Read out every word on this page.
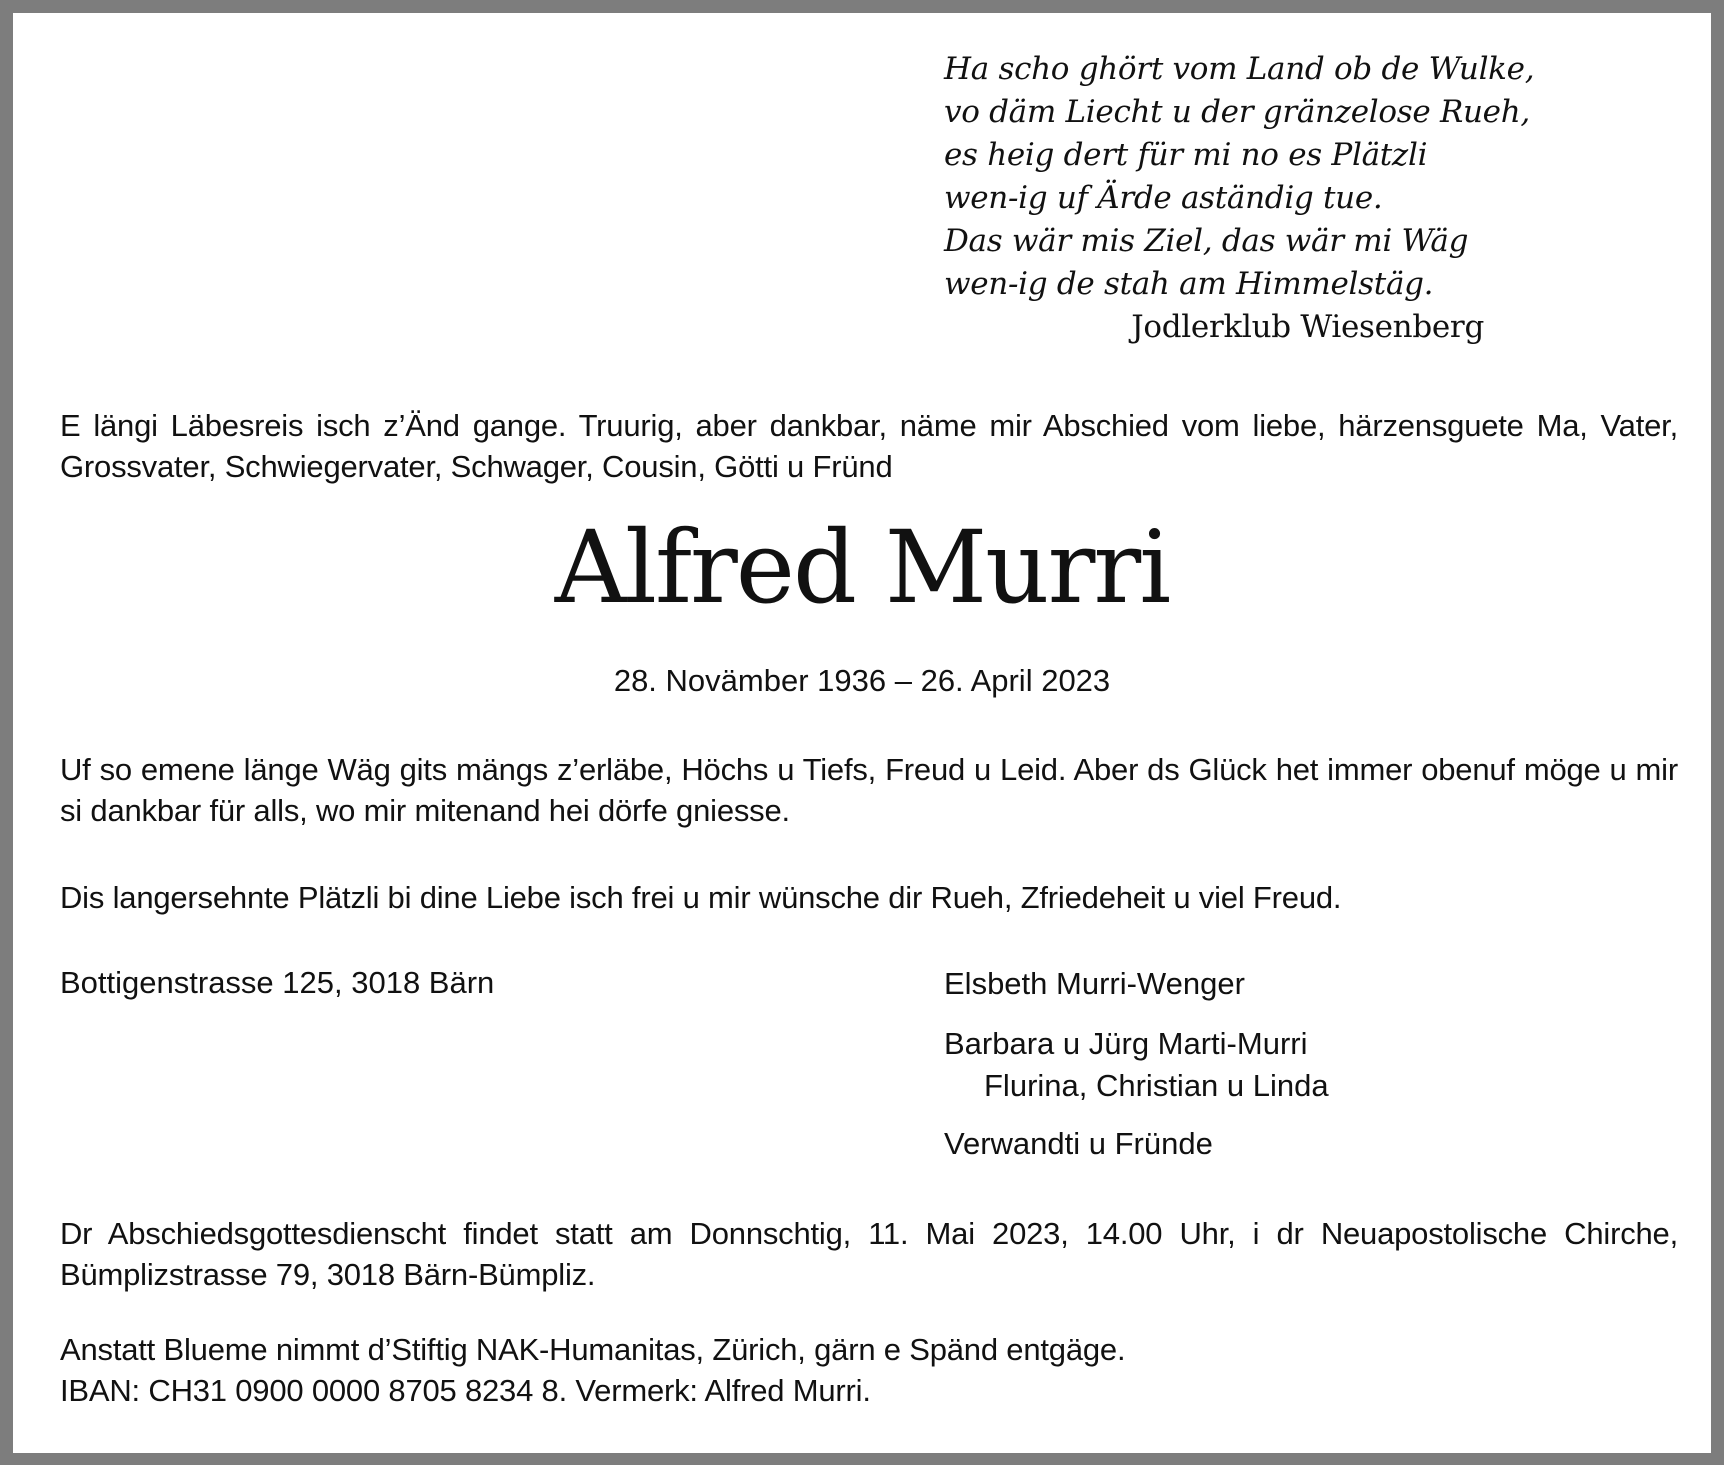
Ha scho ghört vom Land ob de Wulke,
vo däm Liecht u der gränzelose Rueh,
es heig dert für mi no es Plätzli
wen-ig uf Ärde aständig tue.
Das wär mis Ziel, das wär mi Wäg
wen-ig de stah am Himmelstäg.
Jodlerklub Wiesenberg
E längi Läbesreis isch z’Änd gange. Truurig, aber dankbar, näme mir Abschied vom liebe, härzensguete Ma, Vater, Grossvater, Schwiegervater, Schwager, Cousin, Götti u Fründ
Alfred Murri
28. Novämber 1936 – 26. April 2023
Uf so emene länge Wäg gits mängs z’erläbe, Höchs u Tiefs, Freud u Leid. Aber ds Glück het immer obenuf möge u mir si dankbar für alls, wo mir mitenand hei dörfe gniesse.
Dis langersehnte Plätzli bi dine Liebe isch frei u mir wünsche dir Rueh, Zfriedeheit u viel Freud.
Bottigenstrasse 125, 3018 Bärn	Elsbeth Murri-Wenger
Barbara u Jürg Marti-Murri
Flurina, Christian u Linda
Verwandti u Fründe
Dr Abschiedsgottesdienscht findet statt am Donnschtig, 11. Mai 2023, 14.00 Uhr, i dr Neuapostolische Chirche, Bümplizstrasse 79, 3018 Bärn-Bümpliz.
Anstatt Blueme nimmt d’Stiftig NAK-Humanitas, Zürich, gärn e Spänd entgäge.
IBAN: CH31 0900 0000 8705 8234 8. Vermerk: Alfred Murri.
